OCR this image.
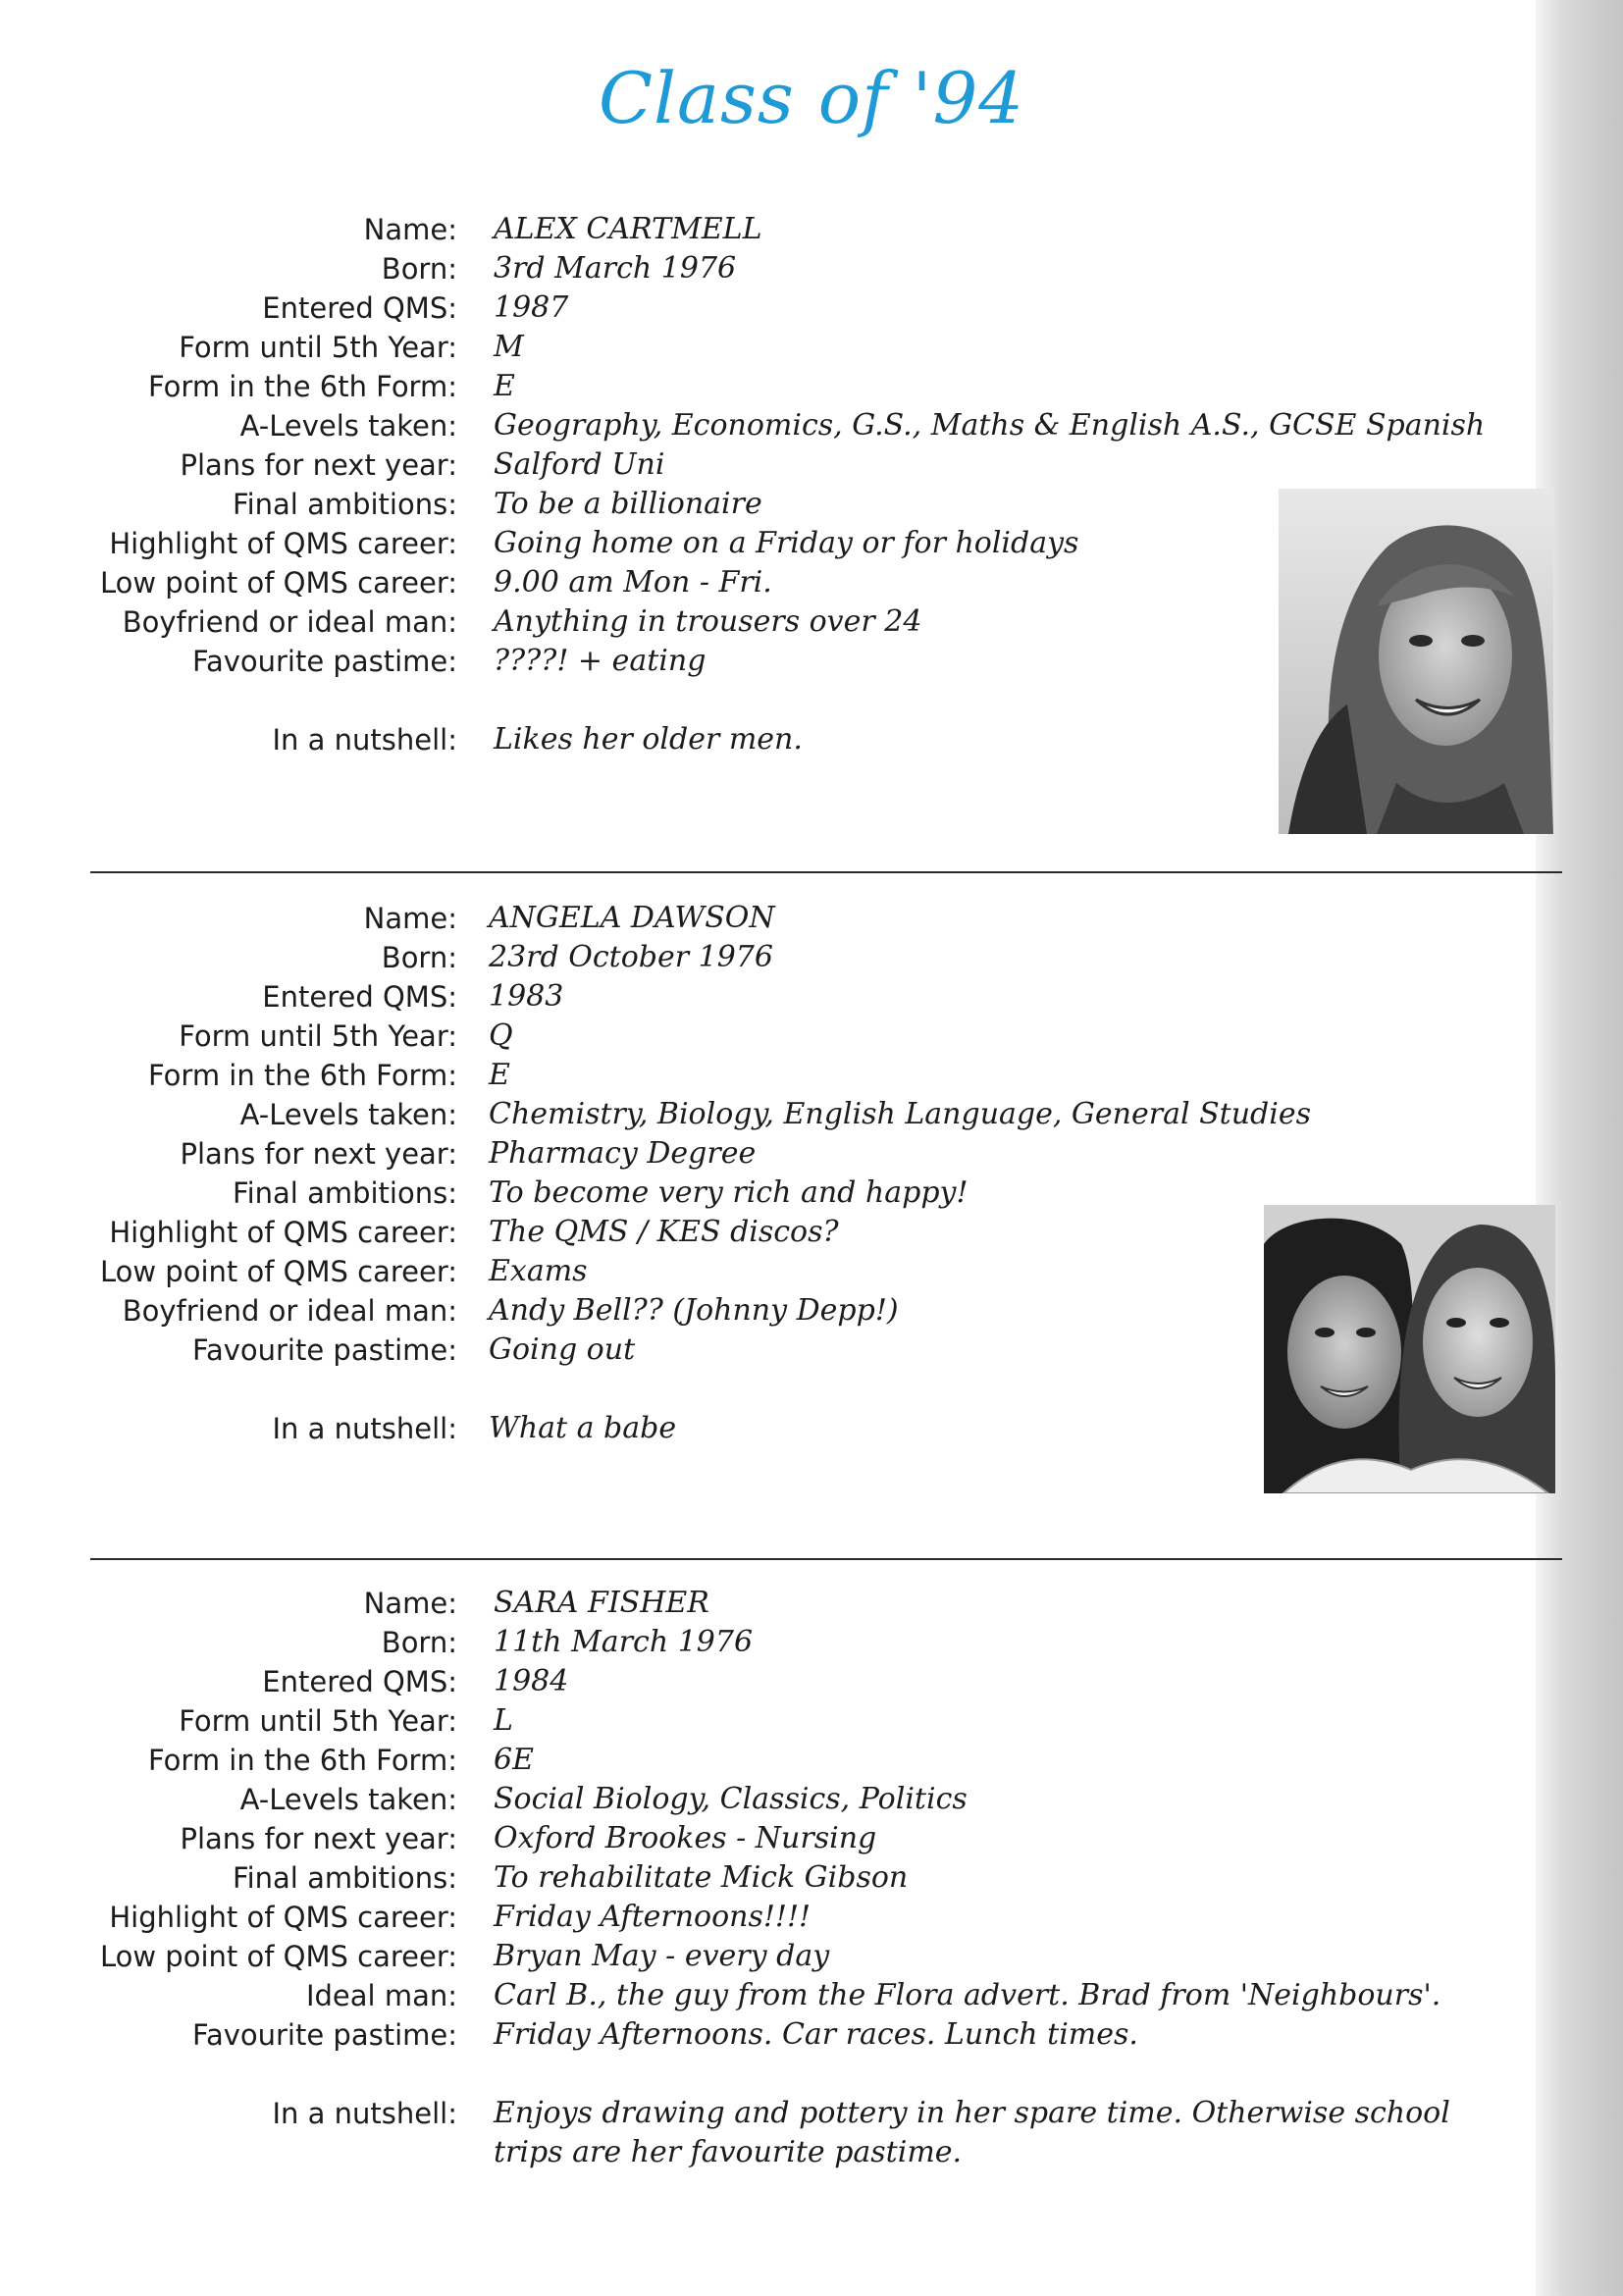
Class of '94
Name: ALEX CARTMELL
Born: 3rd March 1976
Entered QMS: 1987
Form until 5th Year: M
Form in the 6th Form: E
A-Levels taken: Geography, Economics, G.S., Maths & English A.S., GCSE Spanish
Plans for next year: Salford Uni
Final ambitions: To be a billionaire
Highlight of QMS career: Going home on a Friday or for holidays
Low point of QMS career: 9.00 am Mon - Fri.
Boyfriend or ideal man: Anything in trousers over 24
Favourite pastime: ????! + eating
In a nutshell: Likes her older men.
Name: ANGELA DAWSON
Born: 23rd October 1976
Entered QMS: 1983
Form until 5th Year: Q
Form in the 6th Form: E
A-Levels taken: Chemistry, Biology, English Language, General Studies
Plans for next year: Pharmacy Degree
Final ambitions: To become very rich and happy!
Highlight of QMS career: The QMS / KES discos?
Low point of QMS career: Exams
Boyfriend or ideal man: Andy Bell?? (Johnny Depp!)
Favourite pastime: Going out
In a nutshell: What a babe
Name: SARA FISHER
Born: 11th March 1976
Entered QMS: 1984
Form until 5th Year: L
Form in the 6th Form: 6E
A-Levels taken: Social Biology, Classics, Politics
Plans for next year: Oxford Brookes - Nursing
Final ambitions: To rehabilitate Mick Gibson
Highlight of QMS career: Friday Afternoons!!!!
Low point of QMS career: Bryan May - every day
Ideal man: Carl B., the guy from the Flora advert. Brad from 'Neighbours'.
Favourite pastime: Friday Afternoons. Car races. Lunch times.
In a nutshell: Enjoys drawing and pottery in her spare time. Otherwise school trips are her favourite pastime.
